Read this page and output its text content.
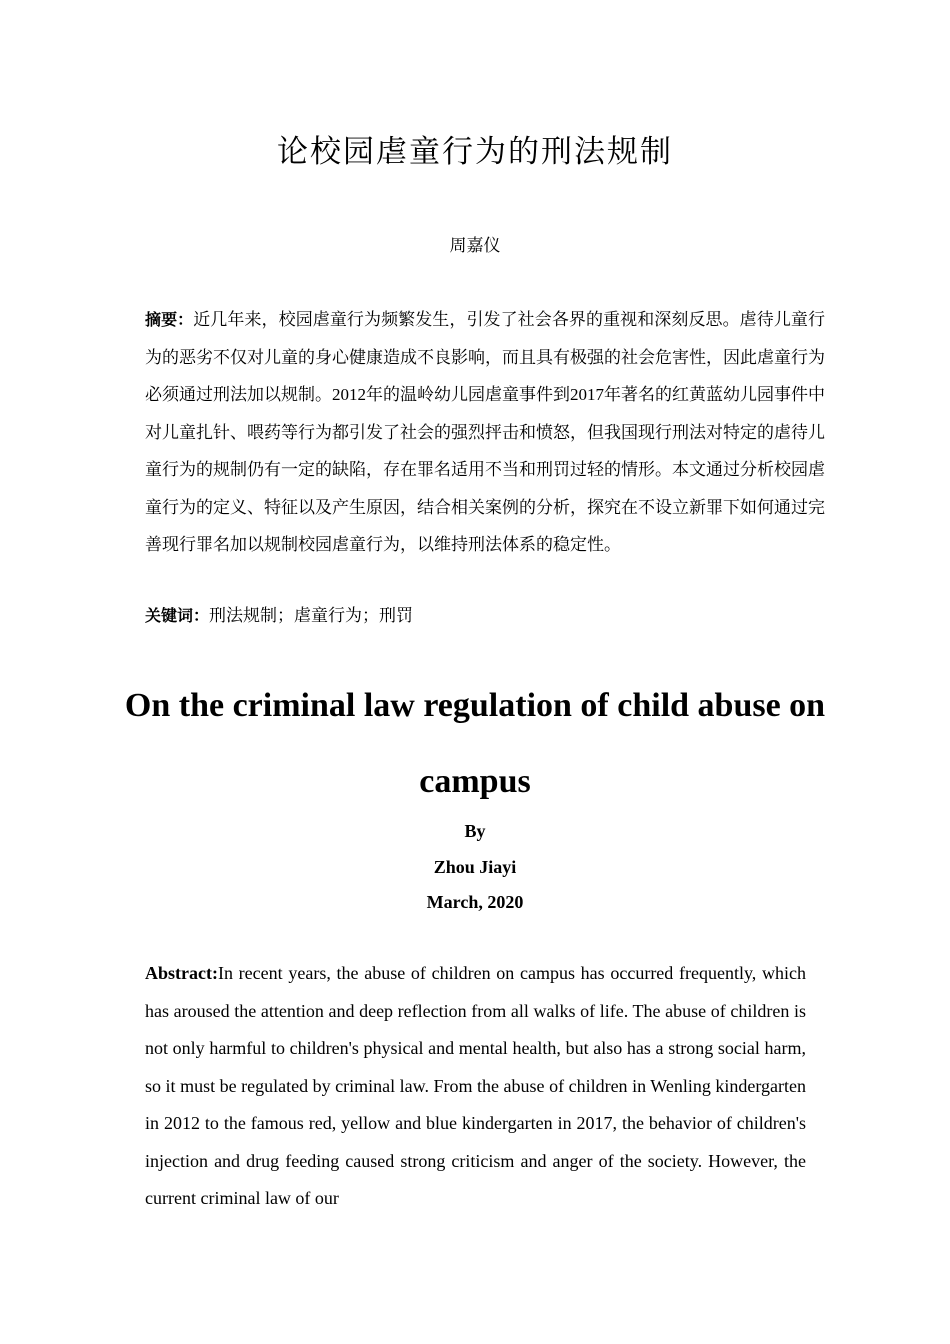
论校园虐童行为的刑法规制
周嘉仪

摘要：近几年来，校园虐童行为频繁发生，引发了社会各界的重视和深刻反思。虐待儿童行为的恶劣不仅对儿童的身心健康造成不良影响，而且具有极强的社会危害性，因此虐童行为必须通过刑法加以规制。2012年的温岭幼儿园虐童事件到2017年著名的红黄蓝幼儿园事件中对儿童扎针、喂药等行为都引发了社会的强烈抨击和愤怒，但我国现行刑法对特定的虐待儿童行为的规制仍有一定的缺陷，存在罪名适用不当和刑罚过轻的情形。本文通过分析校园虐童行为的定义、特征以及产生原因，结合相关案例的分析，探究在不设立新罪下如何通过完善现行罪名加以规制校园虐童行为，以维持刑法体系的稳定性。

关键词：刑法规制；虐童行为；刑罚

On the criminal law regulation of child abuse on campus
By
Zhou Jiayi
March, 2020

Abstract:In recent years, the abuse of children on campus has occurred frequently, which has aroused the attention and deep reflection from all walks of life. The abuse of children is not only harmful to children's physical and mental health, but also has a strong social harm, so it must be regulated by criminal law. From the abuse of children in Wenling kindergarten in 2012 to the famous red, yellow and blue kindergarten in 2017, the behavior of children's injection and drug feeding caused strong criticism and anger of the society. However, the current criminal law of our
